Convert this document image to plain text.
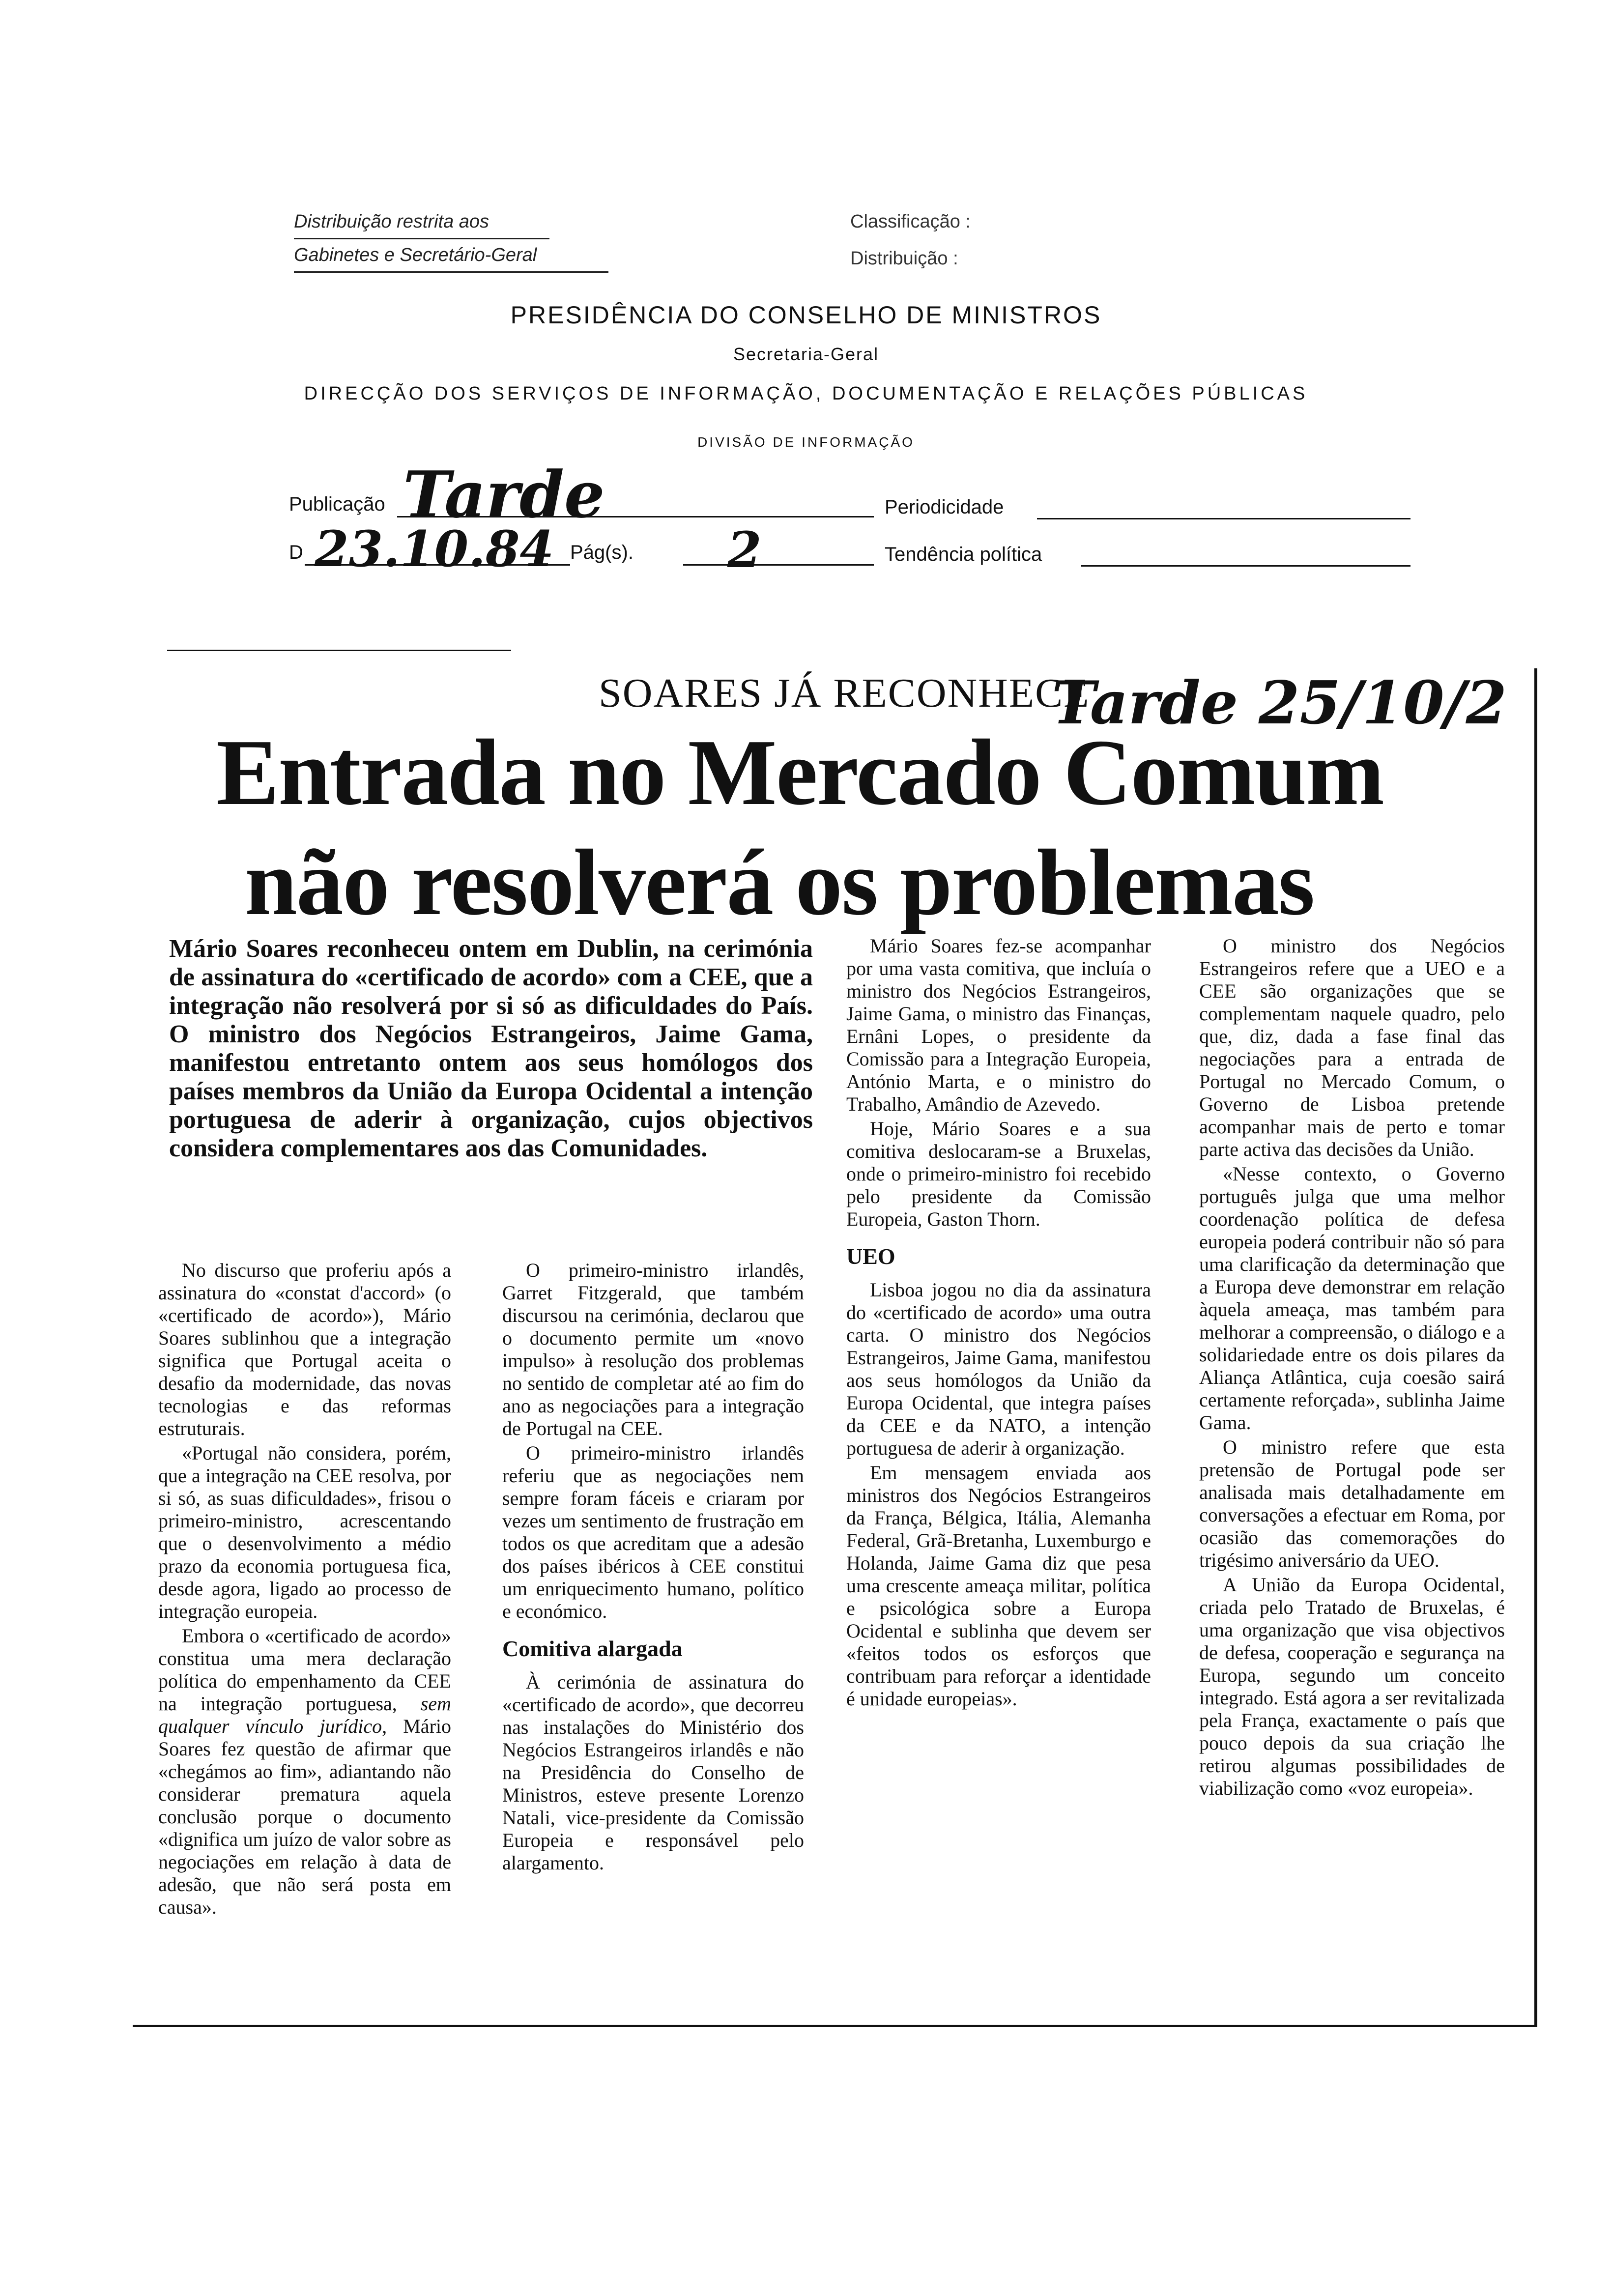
Distribuição restrita aos
Gabinetes e Secretário-Geral
Classificação :
Distribuição :
PRESIDÊNCIA DO CONSELHO DE MINISTROS
Secretaria-Geral
DIRECÇÃO DOS SERVIÇOS DE INFORMAÇÃO, DOCUMENTAÇÃO E RELAÇÕES PÚBLICAS
DIVISÃO DE INFORMAÇÃO
Publicação Tarde	Periodicidade
D 23.10.84 Pág(s). 2	Tendência política
SOARES JÁ RECONHECE
Tarde 25/10/2
Entrada no Mercado Comum
não resolverá os problemas
Mário Soares reconheceu ontem em Dublin, na cerimónia de assinatura do «certificado de acordo» com a CEE, que a integração não resolverá por si só as dificuldades do País. O ministro dos Negócios Estrangeiros, Jaime Gama, manifestou entretanto ontem aos seus homólogos dos países membros da União da Europa Ocidental a intenção portuguesa de aderir à organização, cujos objectivos considera complementares aos das Comunidades.

No discurso que proferiu após a assinatura do «constat d'accord» (o «certificado de acordo»), Mário Soares sublinhou que a integração significa que Portugal aceita o desafio da modernidade, das novas tecnologias e das reformas estruturais.

«Portugal não considera, porém, que a integração na CEE resolva, por si só, as suas dificuldades», frisou o primeiro-ministro, acrescentando que o desenvolvimento a médio prazo da economia portuguesa fica, desde agora, ligado ao processo de integração europeia.

Embora o «certificado de acordo» constitua uma mera declaração política do empenhamento da CEE na integração portuguesa, sem qualquer vínculo jurídico, Mário Soares fez questão de afirmar que «chegámos ao fim», adiantando não considerar prematura aquela conclusão porque o documento «dignifica um juízo de valor sobre as negociações em relação à data de adesão, que não será posta em causa».

O primeiro-ministro irlandês, Garret Fitzgerald, que também discursou na cerimónia, declarou que o documento permite um «novo impulso» à resolução dos problemas no sentido de completar até ao fim do ano as negociações para a integração de Portugal na CEE.

O primeiro-ministro irlandês referiu que as negociações nem sempre foram fáceis e criaram por vezes um sentimento de frustração em todos os que acreditam que a adesão dos países ibéricos à CEE constitui um enriquecimento humano, político e económico.

Comitiva alargada

À cerimónia de assinatura do «certificado de acordo», que decorreu nas instalações do Ministério dos Negócios Estrangeiros irlandês e não na Presidência do Conselho de Ministros, esteve presente Lorenzo Natali, vice-presidente da Comissão Europeia e responsável pelo alargamento.

Mário Soares fez-se acompanhar por uma vasta comitiva, que incluía o ministro dos Negócios Estrangeiros, Jaime Gama, o ministro das Finanças, Ernâni Lopes, o presidente da Comissão para a Integração Europeia, António Marta, e o ministro do Trabalho, Amândio de Azevedo.

Hoje, Mário Soares e a sua comitiva deslocaram-se a Bruxelas, onde o primeiro-ministro foi recebido pelo presidente da Comissão Europeia, Gaston Thorn.

UEO

Lisboa jogou no dia da assinatura do «certificado de acordo» uma outra carta. O ministro dos Negócios Estrangeiros, Jaime Gama, manifestou aos seus homólogos da União da Europa Ocidental, que integra países da CEE e da NATO, a intenção portuguesa de aderir à organização.

Em mensagem enviada aos ministros dos Negócios Estrangeiros da França, Bélgica, Itália, Alemanha Federal, Grã-Bretanha, Luxemburgo e Holanda, Jaime Gama diz que pesa uma crescente ameaça militar, política e psicológica sobre a Europa Ocidental e sublinha que devem ser «feitos todos os esforços que contribuam para reforçar a identidade é unidade europeias».

O ministro dos Negócios Estrangeiros refere que a UEO e a CEE são organizações que se complementam naquele quadro, pelo que, diz, dada a fase final das negociações para a entrada de Portugal no Mercado Comum, o Governo de Lisboa pretende acompanhar mais de perto e tomar parte activa das decisões da União.

«Nesse contexto, o Governo português julga que uma melhor coordenação política de defesa europeia poderá contribuir não só para uma clarificação da determinação que a Europa deve demonstrar em relação àquela ameaça, mas também para melhorar a compreensão, o diálogo e a solidariedade entre os dois pilares da Aliança Atlântica, cuja coesão sairá certamente reforçada», sublinha Jaime Gama.

O ministro refere que esta pretensão de Portugal pode ser analisada mais detalhadamente em conversações a efectuar em Roma, por ocasião das comemorações do trigésimo aniversário da UEO.

A União da Europa Ocidental, criada pelo Tratado de Bruxelas, é uma organização que visa objectivos de defesa, cooperação e segurança na Europa, segundo um conceito integrado. Está agora a ser revitalizada pela França, exactamente o país que pouco depois da sua criação lhe retirou algumas possibilidades de viabilização como «voz europeia».
